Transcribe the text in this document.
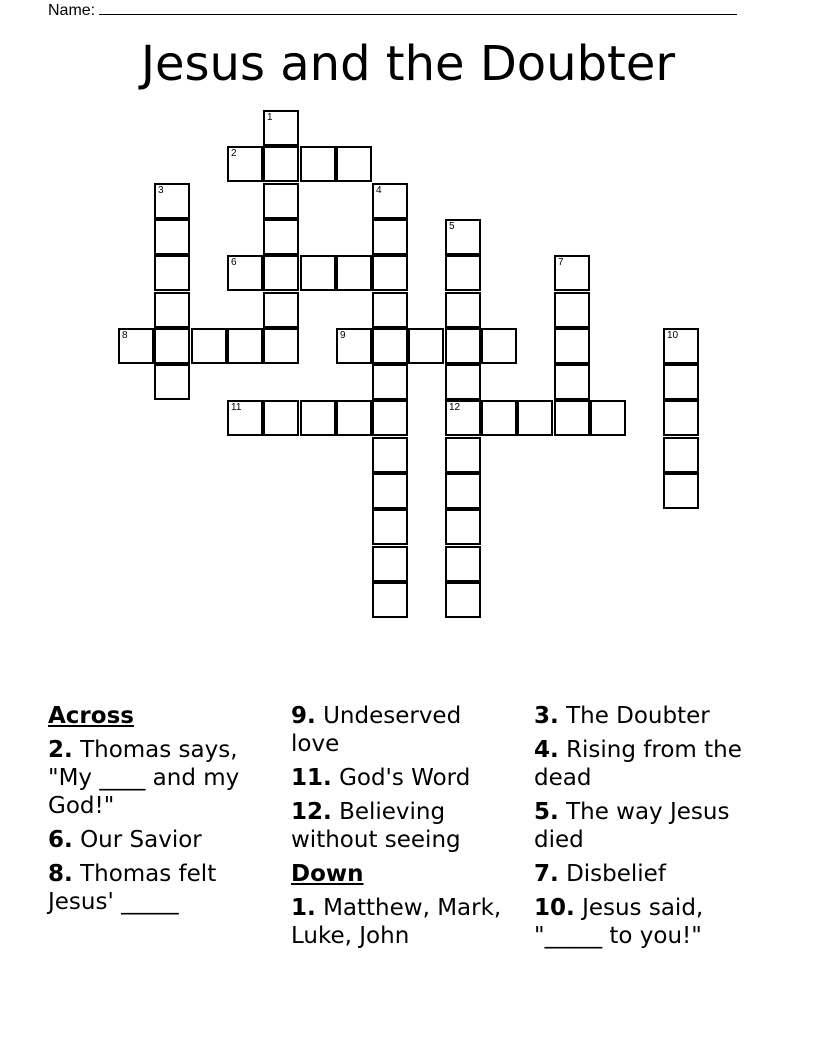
Name:
Jesus and the Doubter
1
2
3	4
5
6	7
8	9	10
11	12
Across
2. Thomas says, "My ____ and my God!"
6. Our Savior
8. Thomas felt Jesus' _____
9. Undeserved love
11. God's Word
12. Believing without seeing
Down
1. Matthew, Mark, Luke, John
3. The Doubter
4. Rising from the dead
5. The way Jesus died
7. Disbelief
10. Jesus said, "_____ to you!"
